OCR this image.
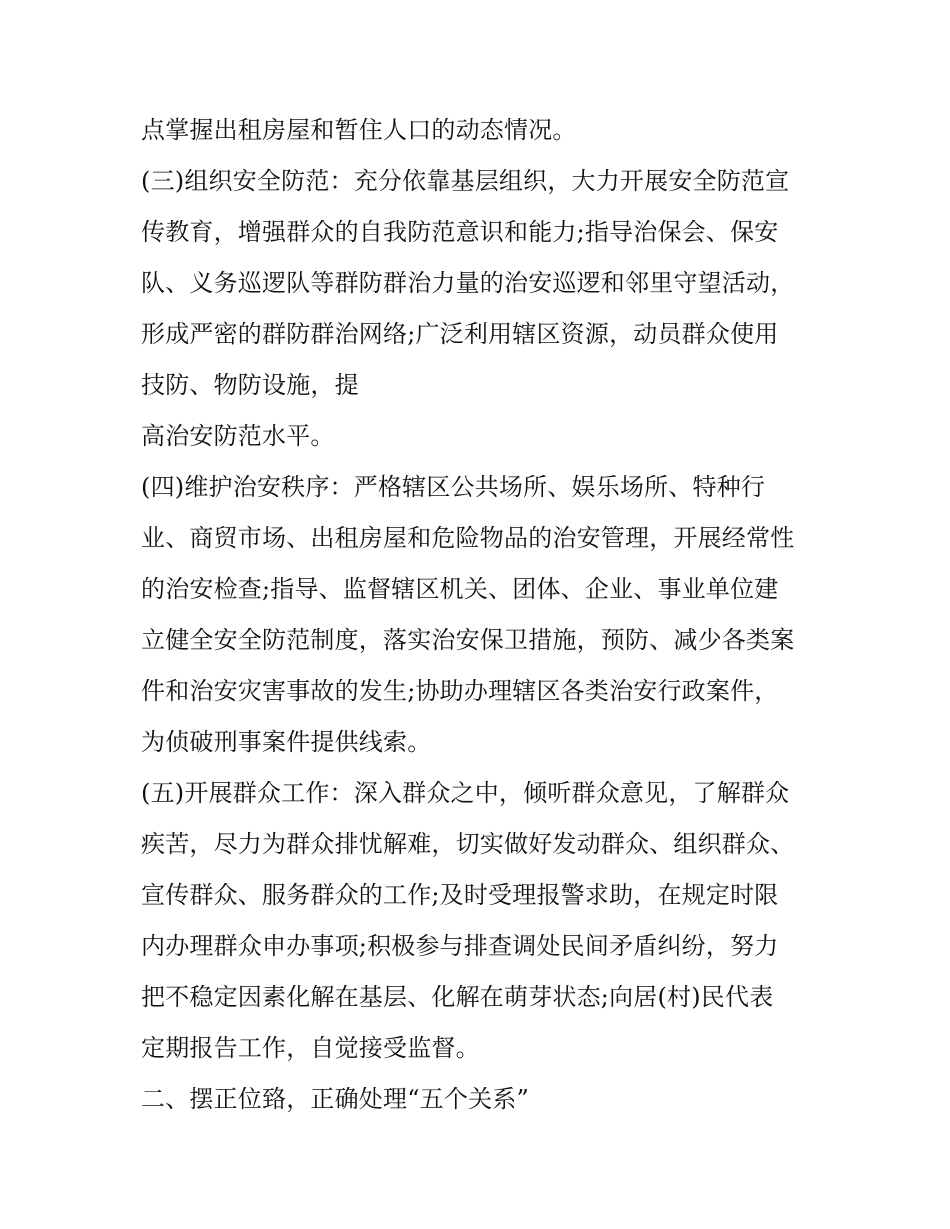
点掌握出租房屋和暂住人口的动态情况。
(三)组织安全防范：充分依靠基层组织，大力开展安全防范宣
传教育，增强群众的自我防范意识和能力;指导治保会、保安
队、义务巡逻队等群防群治力量的治安巡逻和邻里守望活动，
形成严密的群防群治网络;广泛利用辖区资源，动员群众使用
技防、物防设施，提
高治安防范水平。
(四)维护治安秩序：严格辖区公共场所、娱乐场所、特种行
业、商贸市场、出租房屋和危险物品的治安管理，开展经常性
的治安检查;指导、监督辖区机关、团体、企业、事业单位建
立健全安全防范制度，落实治安保卫措施，预防、减少各类案
件和治安灾害事故的发生;协助办理辖区各类治安行政案件，
为侦破刑事案件提供线索。
(五)开展群众工作：深入群众之中，倾听群众意见，了解群众
疾苦，尽力为群众排忧解难，切实做好发动群众、组织群众、
宣传群众、服务群众的工作;及时受理报警求助，在规定时限
内办理群众申办事项;积极参与排查调处民间矛盾纠纷，努力
把不稳定因素化解在基层、化解在萌芽状态;向居(村)民代表
定期报告工作，自觉接受监督。
二、摆正位臵，正确处理“五个关系”
